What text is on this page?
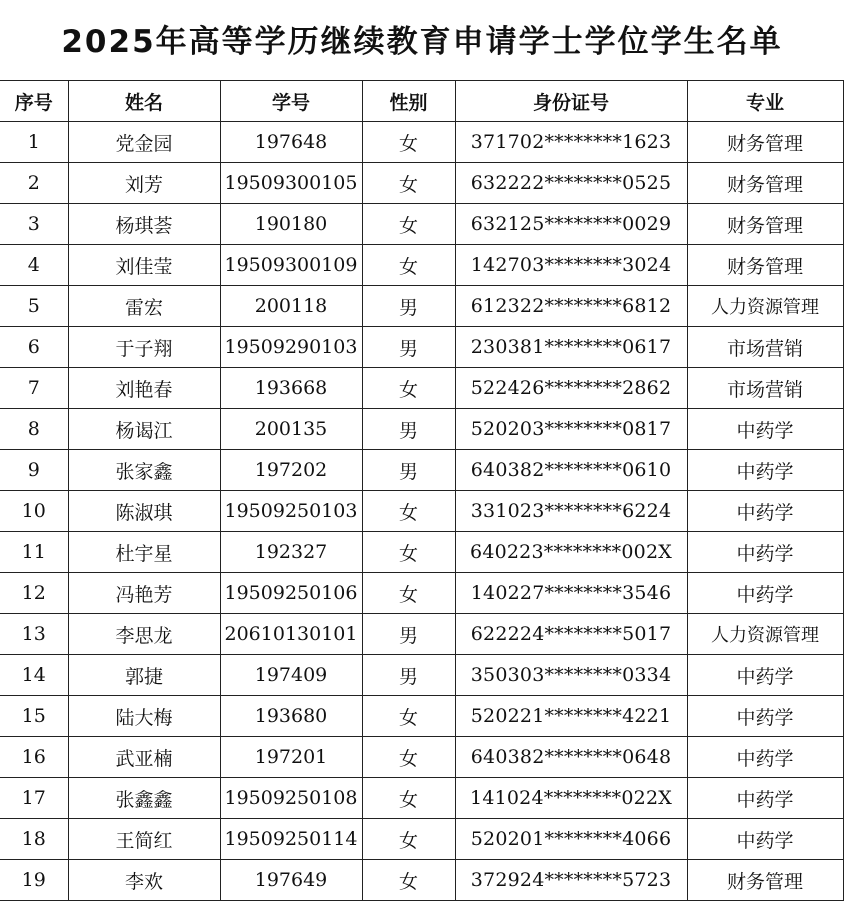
2025年高等学历继续教育申请学士学位学生名单
序号	姓名	学号	性别	身份证号	专业
1	党金园	197648	女	371702********1623	财务管理
2	刘芳	19509300105	女	632222********0525	财务管理
3	杨琪荟	190180	女	632125********0029	财务管理
4	刘佳莹	19509300109	女	142703********3024	财务管理
5	雷宏	200118	男	612322********6812	人力资源管理
6	于子翔	19509290103	男	230381********0617	市场营销
7	刘艳春	193668	女	522426********2862	市场营销
8	杨谒江	200135	男	520203********0817	中药学
9	张家鑫	197202	男	640382********0610	中药学
10	陈淑琪	19509250103	女	331023********6224	中药学
11	杜宇星	192327	女	640223********002X	中药学
12	冯艳芳	19509250106	女	140227********3546	中药学
13	李思龙	20610130101	男	622224********5017	人力资源管理
14	郭捷	197409	男	350303********0334	中药学
15	陆大梅	193680	女	520221********4221	中药学
16	武亚楠	197201	女	640382********0648	中药学
17	张鑫鑫	19509250108	女	141024********022X	中药学
18	王简红	19509250114	女	520201********4066	中药学
19	李欢	197649	女	372924********5723	财务管理
